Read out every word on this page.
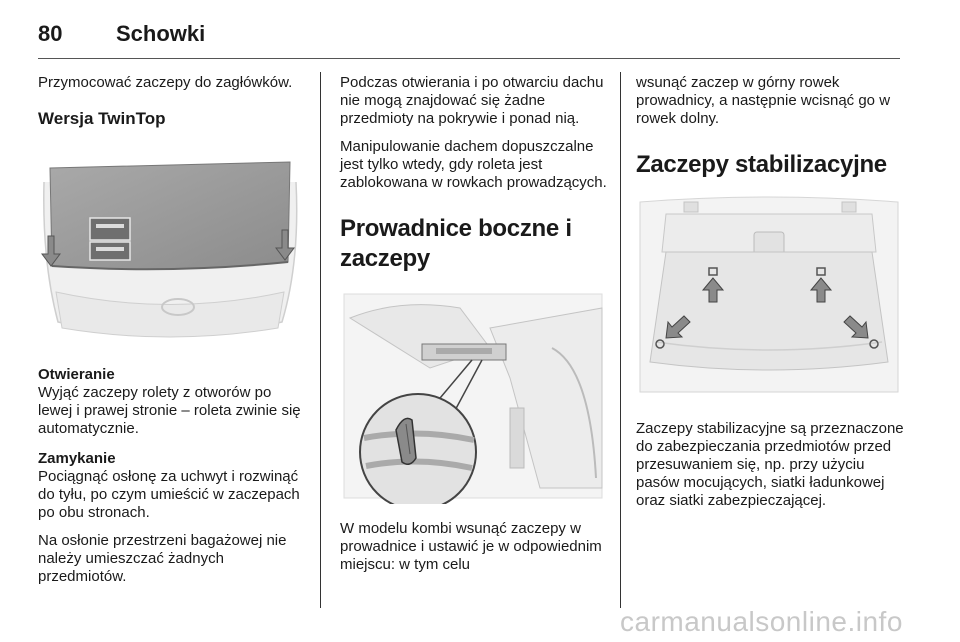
80	Schowki

Przymocować zaczepy do zagłówków.

Wersja TwinTop

Otwieranie

Wyjąć zaczepy rolety z otworów po lewej i prawej stronie – roleta zwinie się automatycznie.

Zamykanie

Pociągnąć osłonę za uchwyt i rozwinąć do tyłu, po czym umieścić w zaczepach po obu stronach.

Na osłonie przestrzeni bagażowej nie należy umieszczać żadnych przedmiotów.

Podczas otwierania i po otwarciu dachu nie mogą znajdować się żadne przedmioty na pokrywie i ponad nią.

Manipulowanie dachem dopuszczalne jest tylko wtedy, gdy roleta jest zablokowana w rowkach prowadzących.

Prowadnice boczne i zaczepy

W modelu kombi wsunąć zaczepy w prowadnice i ustawić je w odpowiednim miejscu: w tym celu

wsunąć zaczep w górny rowek prowadnicy, a następnie wcisnąć go w rowek dolny.

Zaczepy stabilizacyjne

Zaczepy stabilizacyjne są przeznaczone do zabezpieczania przedmiotów przed przesuwaniem się, np. przy użyciu pasów mocujących, siatki ładunkowej oraz siatki zabezpieczającej.

carmanualsonline.info
